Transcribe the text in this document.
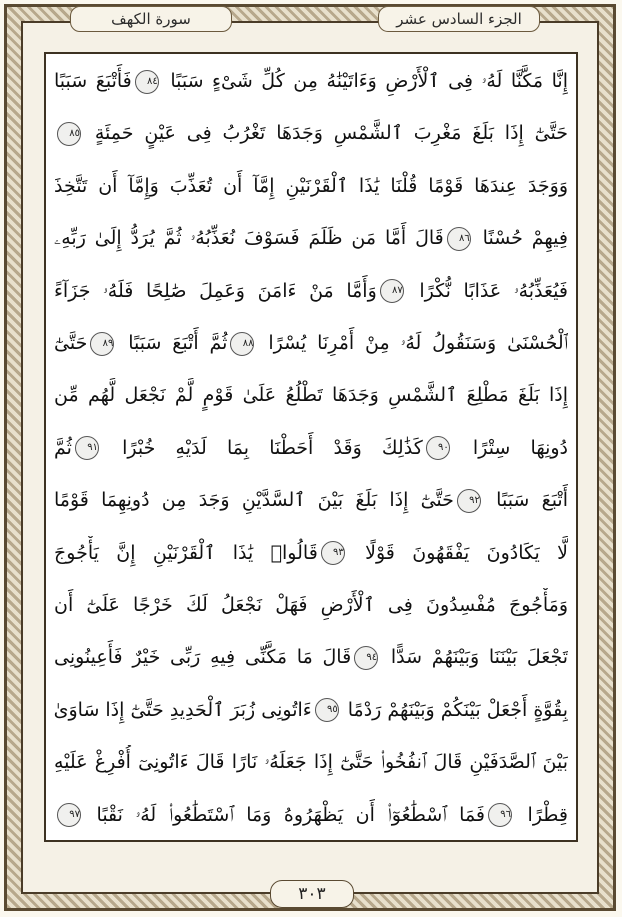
الجزء السادس عشر
سورة الكهف
إِنَّا مَكَّنَّا لَهُۥ فِى ٱلْأَرْضِ وَءَاتَيْنَٰهُ مِن كُلِّ شَىْءٍ سَبَبًا ٨٤فَأَتْبَعَ سَبَبًا
حَتَّىٰٓ إِذَا بَلَغَ مَغْرِبَ ٱلشَّمْسِ وَجَدَهَا تَغْرُبُ فِى عَيْنٍ حَمِئَةٍ ٨٥
وَوَجَدَ عِندَهَا قَوْمًا قُلْنَا يَٰذَا ٱلْقَرْنَيْنِ إِمَّآ أَن تُعَذِّبَ وَإِمَّآ أَن تَتَّخِذَ
فِيهِمْ حُسْنًا ٨٦قَالَ أَمَّا مَن ظَلَمَ فَسَوْفَ نُعَذِّبُهُۥ ثُمَّ يُرَدُّ إِلَىٰ رَبِّهِۦ
فَيُعَذِّبُهُۥ عَذَابًا نُّكْرًا ٨٧وَأَمَّا مَنْ ءَامَنَ وَعَمِلَ صَٰلِحًا فَلَهُۥ جَزَآءً
ٱلْحُسْنَىٰ وَسَنَقُولُ لَهُۥ مِنْ أَمْرِنَا يُسْرًا ٨٨ثُمَّ أَتْبَعَ سَبَبًا ٨٩حَتَّىٰٓ
إِذَا بَلَغَ مَطْلِعَ ٱلشَّمْسِ وَجَدَهَا تَطْلُعُ عَلَىٰ قَوْمٍ لَّمْ نَجْعَل لَّهُم مِّن
دُونِهَا سِتْرًا ٩٠كَذَٰلِكَ وَقَدْ أَحَطْنَا بِمَا لَدَيْهِ خُبْرًا ٩١ثُمَّ
أَتْبَعَ سَبَبًا ٩٢حَتَّىٰٓ إِذَا بَلَغَ بَيْنَ ٱلسَّدَّيْنِ وَجَدَ مِن دُونِهِمَا قَوْمًا
لَّا يَكَادُونَ يَفْقَهُونَ قَوْلًا ٩٣قَالُوا۟ يَٰذَا ٱلْقَرْنَيْنِ إِنَّ يَأْجُوجَ
وَمَأْجُوجَ مُفْسِدُونَ فِى ٱلْأَرْضِ فَهَلْ نَجْعَلُ لَكَ خَرْجًا عَلَىٰٓ أَن
تَجْعَلَ بَيْنَنَا وَبَيْنَهُمْ سَدًّا ٩٤قَالَ مَا مَكَّنِّى فِيهِ رَبِّى خَيْرٌ فَأَعِينُونِى
بِقُوَّةٍ أَجْعَلْ بَيْنَكُمْ وَبَيْنَهُمْ رَدْمًا ٩٥ءَاتُونِى زُبَرَ ٱلْحَدِيدِ حَتَّىٰٓ إِذَا سَاوَىٰ
بَيْنَ ٱلصَّدَفَيْنِ قَالَ ٱنفُخُوا۟ حَتَّىٰٓ إِذَا جَعَلَهُۥ نَارًا قَالَ ءَاتُونِىٓ أُفْرِغْ عَلَيْهِ
قِطْرًا ٩٦فَمَا ٱسْطَٰعُوٓا۟ أَن يَظْهَرُوهُ وَمَا ٱسْتَطَٰعُوا۟ لَهُۥ نَقْبًا ٩٧
٣٠٣
